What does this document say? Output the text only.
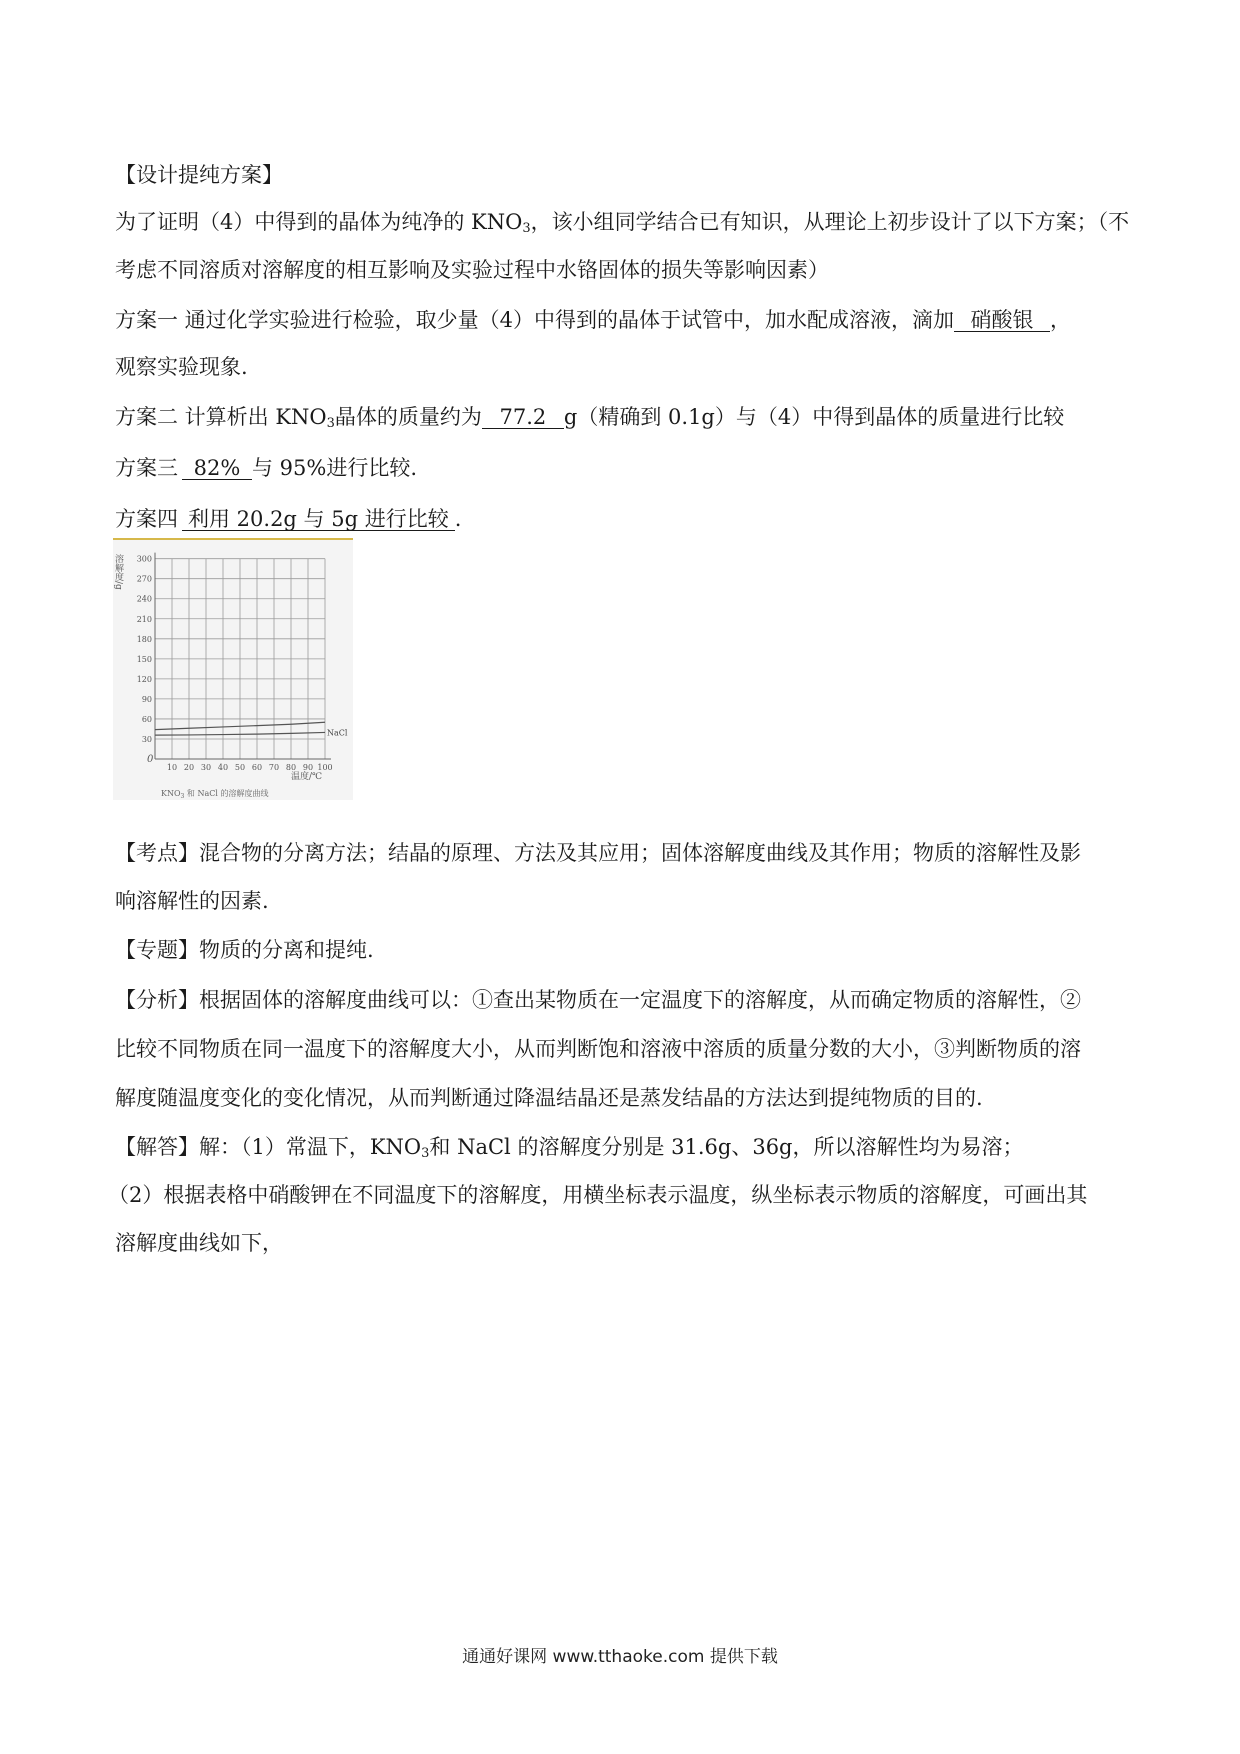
【设计提纯方案】
为了证明（4）中得到的晶体为纯净的 $KNO_3$，该小组同学结合已有知识，从理论上初步设计了以下方案；（不
考虑不同溶质对溶解度的相互影响及实验过程中水铬固体的损失等影响因素）
方案一 通过化学实验进行检验，取少量（4）中得到的晶体于试管中，加水配成溶液，滴加 硝酸银 ，
观察实验现象.
方案二 计算析出 $KNO_3$晶体的质量约为 77.2 g（精确到 0.1g）与（4）中得到晶体的质量进行比较
方案三 82% 与 95%进行比较.
方案四 利用 20.2g 与 5g 进行比较 .
30
60
90
120
150
180
210
240
270
300
10 20 30 40 50 60 70 80 90 100
NaCl
溶解度/g
0
温度/℃
$KNO_3$ 和 NaCl 的溶解度曲线
【考点】混合物的分离方法；结晶的原理、方法及其应用；固体溶解度曲线及其作用；物质的溶解性及影
响溶解性的因素.
【专题】物质的分离和提纯.
【分析】根据固体的溶解度曲线可以：①查出某物质在一定温度下的溶解度，从而确定物质的溶解性，②
比较不同物质在同一温度下的溶解度大小，从而判断饱和溶液中溶质的质量分数的大小，③判断物质的溶
解度随温度变化的变化情况，从而判断通过降温结晶还是蒸发结晶的方法达到提纯物质的目的.
【解答】解：（1）常温下，$KNO_3$和 NaCl 的溶解度分别是 31.6g、36g，所以溶解性均为易溶；
（2）根据表格中硝酸钾在不同温度下的溶解度，用横坐标表示温度，纵坐标表示物质的溶解度，可画出其
溶解度曲线如下，
通通好课网 www.tthaoke.com 提供下载
